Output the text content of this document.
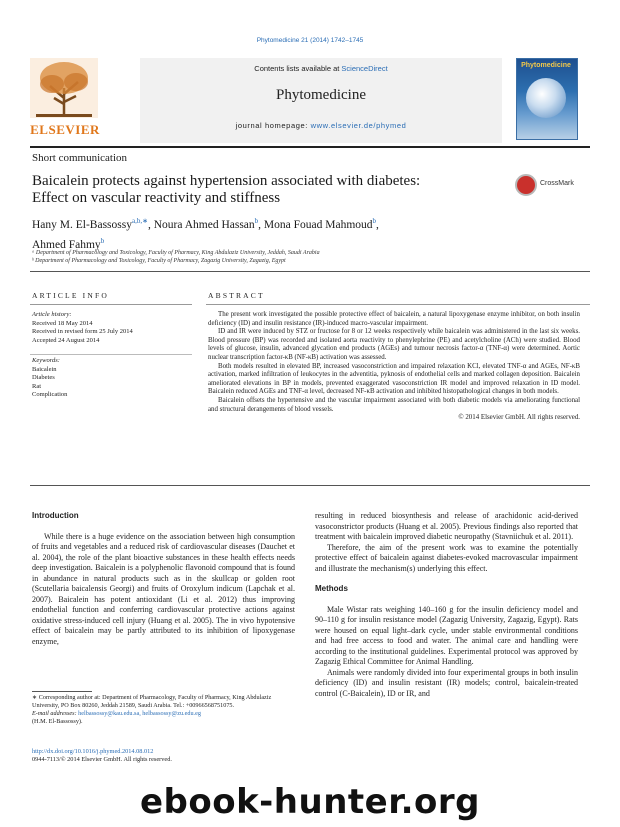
Phytomedicine 21 (2014) 1742–1745
Contents lists available at ScienceDirect
Phytomedicine
journal homepage: www.elsevier.de/phymed
ELSEVIER
Phytomedicine
Short communication
Baicalein protects against hypertension associated with diabetes:
Effect on vascular reactivity and stiffness
CrossMark
Hany M. El-Bassossy$^{a,b,∗}$, Noura Ahmed Hassan$^b$, Mona Fouad Mahmoud$^b$,
Ahmed Fahmy$^b$
ᵃ Department of Pharmacology and Toxicology, Faculty of Pharmacy, King Abdulaziz University, Jeddah, Saudi Arabia
ᵇ Department of Pharmacology and Toxicology, Faculty of Pharmacy, Zagazig University, Zagazig, Egypt
ARTICLE INFO	ABSTRACT
Article history:
Received 18 May 2014
Received in revised form 25 July 2014
Accepted 24 August 2014
Keywords:
Baicalein
Diabetes
Rat
Complication

The present work investigated the possible protective effect of baicalein, a natural lipoxygenase enzyme inhibitor, on both insulin deficiency (ID) and insulin resistance (IR)-induced macro-vascular impairment.

ID and IR were induced by STZ or fructose for 8 or 12 weeks respectively while baicalein was administered in the last six weeks. Blood pressure (BP) was recorded and isolated aorta reactivity to phenylephrine (PE) and acetylcholine (ACh) were studied. Blood levels of glucose, insulin, advanced glycation end products (AGEs) and tumour necrosis factor-α (TNF-α) were determined. Aortic nuclear transcription factor-κB (NF-κB) activation was assessed.

Both models resulted in elevated BP, increased vasoconstriction and impaired relaxation KCl, elevated TNF-α and AGEs, NF-κB activation, marked infiltration of leukocytes in the adventitia, pyknosis of endothelial cells and marked collagen deposition. Baicalein ameliorated elevations in BP in models, prevented exaggerated vasoconstriction IR model and improved relaxation in ID model. Baicalein reduced AGEs and TNF-α level, decreased NF-κB activation and inhibited histopathological changes in both models.

Baicalein offsets the hypertensive and the vascular impairment associated with both diabetic models via ameliorating functional and structural derangements of blood vessels.

© 2014 Elsevier GmbH. All rights reserved.

Introduction

While there is a huge evidence on the association between high consumption of fruits and vegetables and a reduced risk of cardiovascular diseases (Dauchet et al. 2004), the role of the plant bioactive substances in these health effects needs deep investigation. Baicalein is a polyphenolic flavonoid compound that is found in abundance in natural products such as in the skullcap or golden root (Scutellaria baicalensis Georgi) and fruits of Oroxylum indicum (Lapchak et al. 2007). Baicalein has potent antioxidant (Li et al. 2012) thus improving endothelial function and conferring cardiovascular protective actions against oxidative stress-induced cell injury (Huang et al. 2005). The in vivo hypotensive effect of baicalein may be partly attributed to its inhibition of lipoxygenase enzyme,

resulting in reduced biosynthesis and release of arachidonic acid-derived vasoconstrictor products (Huang et al. 2005). Previous findings also reported that treatment with baicalein improved diabetic neuropathy (Stavniichuk et al. 2011).

Therefore, the aim of the present work was to examine the potentially protective effect of baicalein against diabetes-evoked macrovascular impairment and illustrate the mechanism(s) underlying this effect.

Methods

Male Wistar rats weighing 140–160 g for the insulin deficiency model and 90–110 g for insulin resistance model (Zagazig University, Zagazig, Egypt). Rats were housed on equal light–dark cycle, under stable environmental conditions and had free access to food and water. The animal care and handling were according to the institutional guidelines. Experimental protocol was approved by Zagazig Ethical Committee for Animal Handling.

Animals were randomly divided into four experimental groups in both insulin deficiency (ID) and insulin resistant (IR) models; control, baicalein-treated control (C-Baicalein), ID or IR, and

∗ Corresponding author at: Department of Pharmacology, Faculty of Pharmacy, King Abdulaziz University, PO Box 80260, Jeddah 21589, Saudi Arabia. Tel.: +00966568751075.

E-mail addresses: helbassossy@kau.edu.sa, helbassossy@zu.edu.eg

(H.M. El-Bassossy).

http://dx.doi.org/10.1016/j.phymed.2014.08.012
0944-7113/© 2014 Elsevier GmbH. All rights reserved.
ebook-hunter.org
